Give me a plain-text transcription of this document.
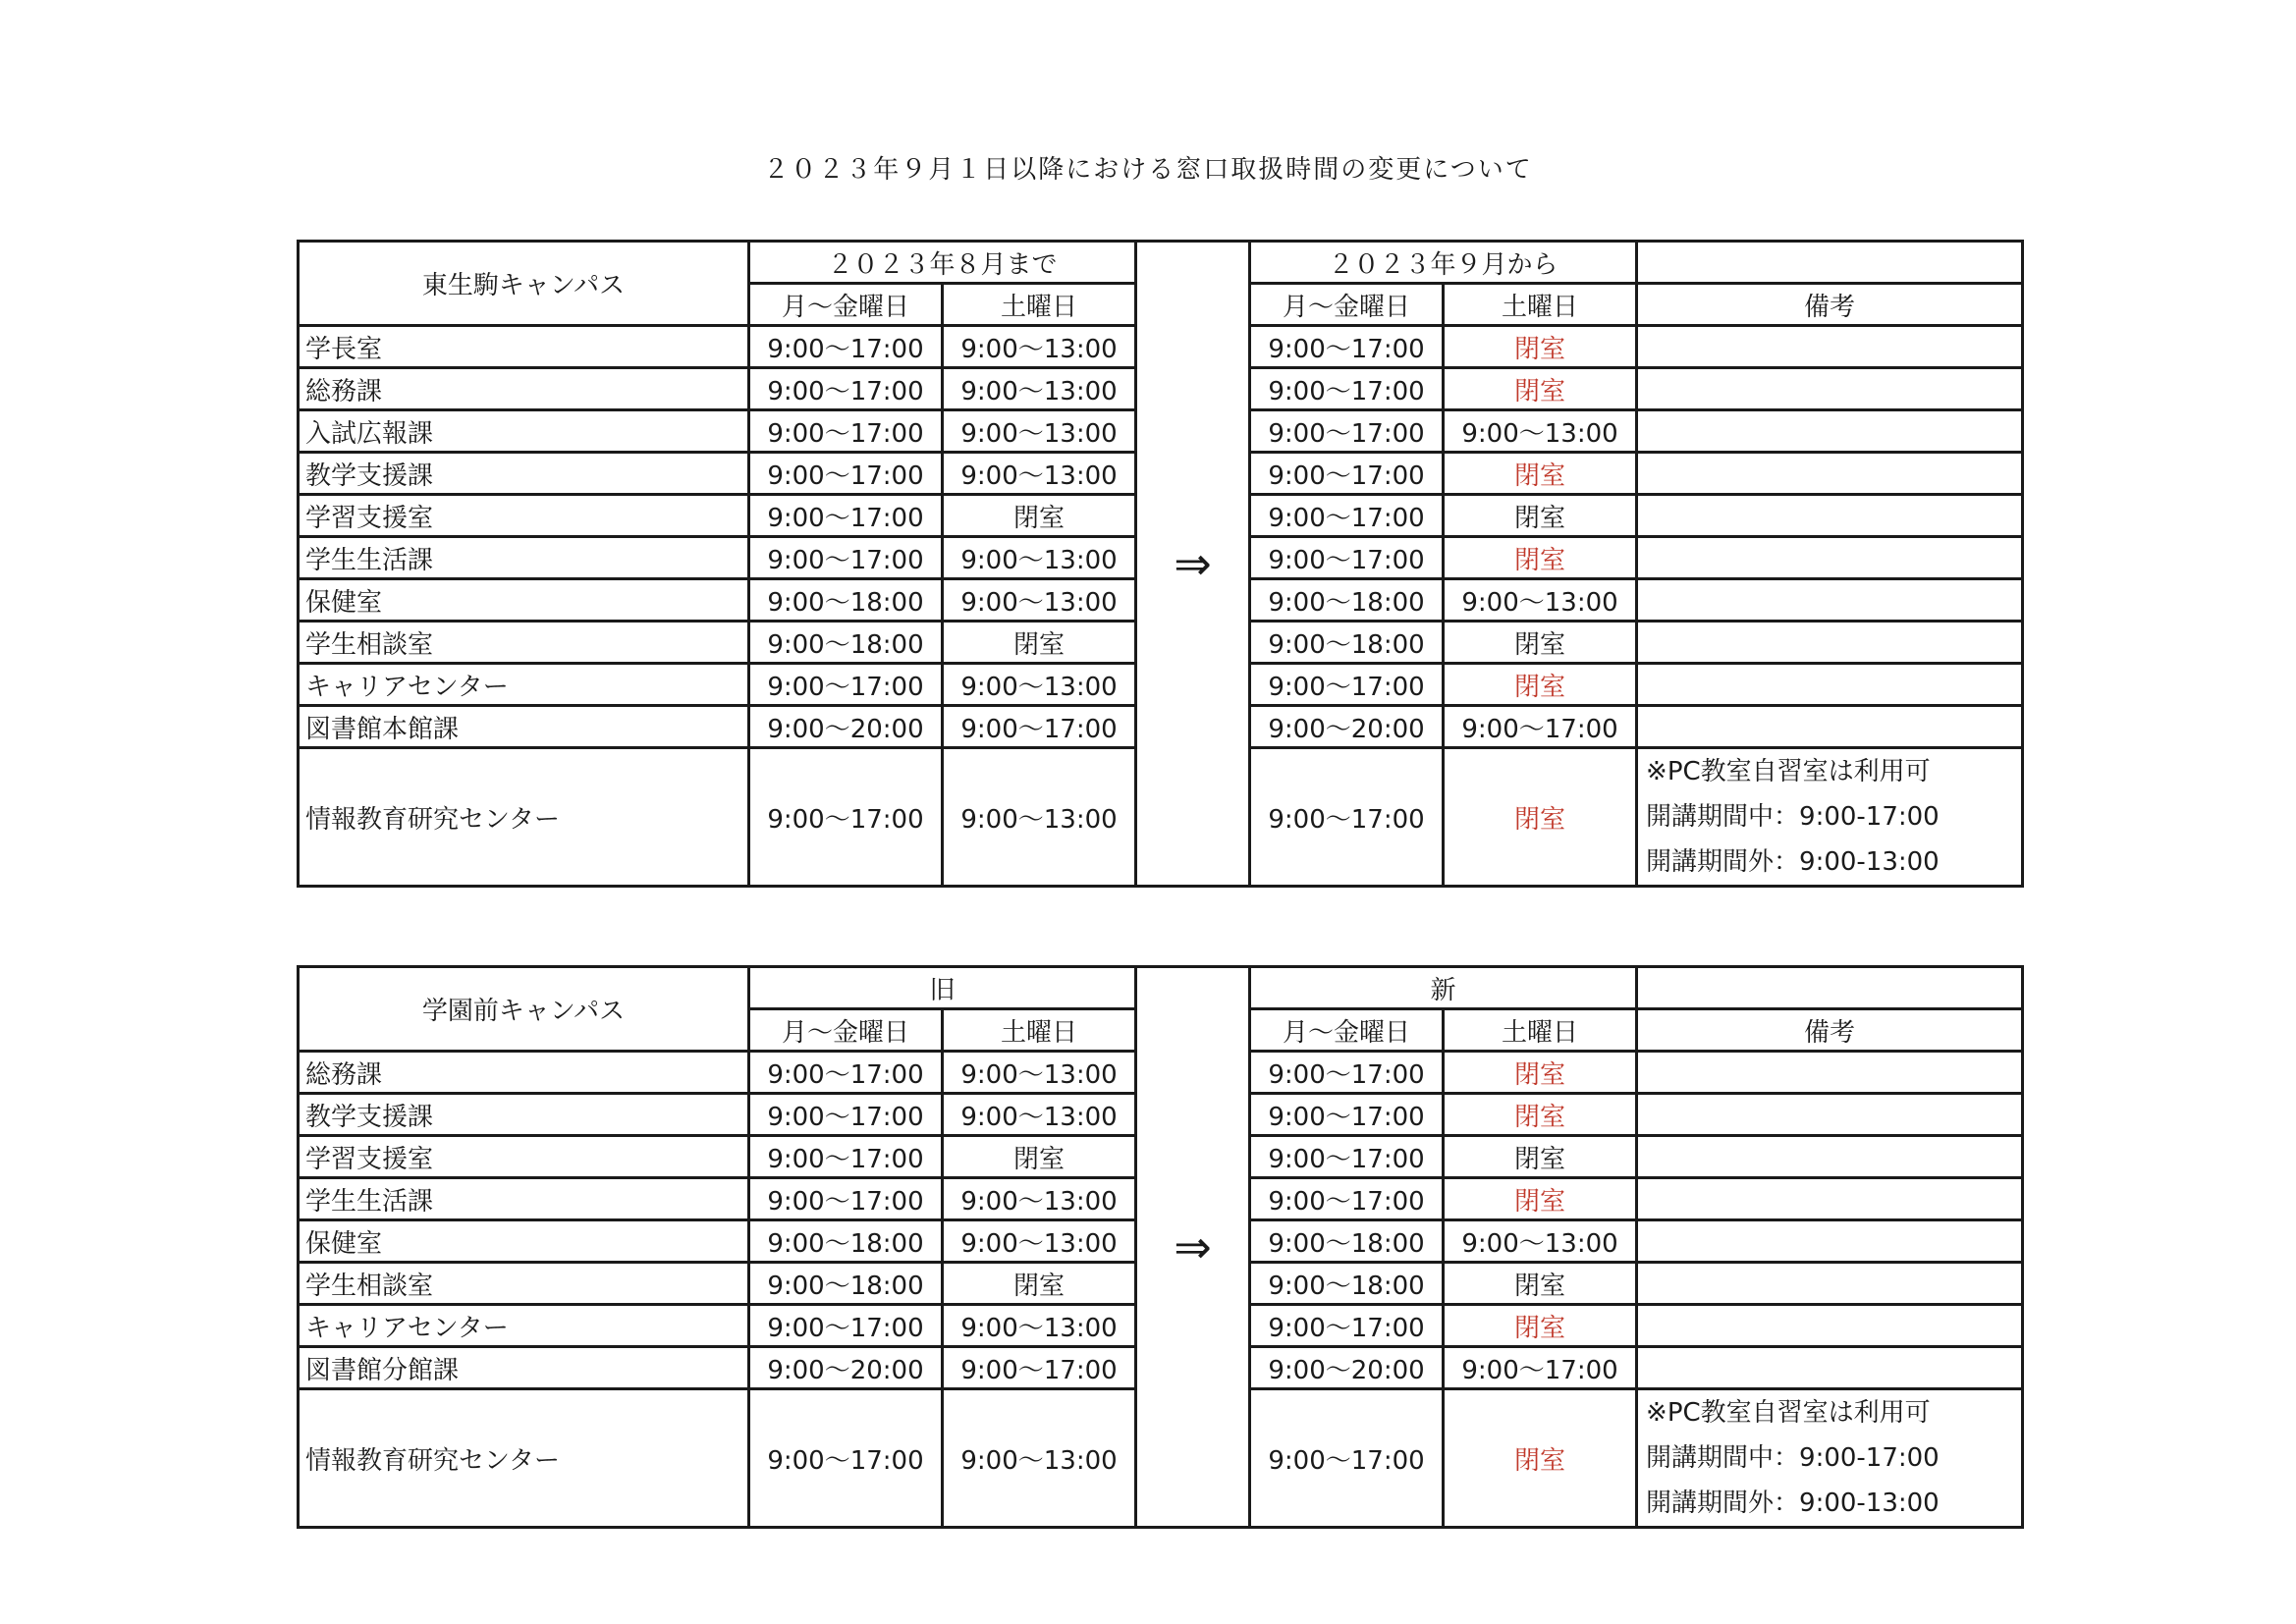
２０２３年９月１日以降における窓口取扱時間の変更について
東生駒キャンパス	２０２３年８月まで		⇒	２０２３年９月から		
	月～金曜日	土曜日		月～金曜日	土曜日	備考
学長室	9:00～17:00	9:00～13:00		9:00～17:00	閉室	
総務課	9:00～17:00	9:00～13:00		9:00～17:00	閉室	
入試広報課	9:00～17:00	9:00～13:00		9:00～17:00	9:00～13:00	
教学支援課	9:00～17:00	9:00～13:00		9:00～17:00	閉室	
学習支援室	9:00～17:00	閉室		9:00～17:00	閉室	
学生生活課	9:00～17:00	9:00～13:00		9:00～17:00	閉室	
保健室	9:00～18:00	9:00～13:00		9:00～18:00	9:00～13:00	
学生相談室	9:00～18:00	閉室		9:00～18:00	閉室	
キャリアセンター	9:00～17:00	9:00～13:00		9:00～17:00	閉室	
図書館本館課	9:00～20:00	9:00～17:00		9:00～20:00	9:00～17:00	
情報教育研究センター	9:00～17:00	9:00～13:00		9:00～17:00	閉室	※PC教室自習室は利用可
開講期間中：9:00-17:00
開講期間外：9:00-13:00
学園前キャンパス	旧		⇒	新		
	月～金曜日	土曜日		月～金曜日	土曜日	備考
総務課	9:00～17:00	9:00～13:00		9:00～17:00	閉室	
教学支援課	9:00～17:00	9:00～13:00		9:00～17:00	閉室	
学習支援室	9:00～17:00	閉室		9:00～17:00	閉室	
学生生活課	9:00～17:00	9:00～13:00		9:00～17:00	閉室	
保健室	9:00～18:00	9:00～13:00		9:00～18:00	9:00～13:00	
学生相談室	9:00～18:00	閉室		9:00～18:00	閉室	
キャリアセンター	9:00～17:00	9:00～13:00		9:00～17:00	閉室	
図書館分館課	9:00～20:00	9:00～17:00		9:00～20:00	9:00～17:00	
情報教育研究センター	9:00～17:00	9:00～13:00		9:00～17:00	閉室	※PC教室自習室は利用可
開講期間中：9:00-17:00
開講期間外：9:00-13:00
